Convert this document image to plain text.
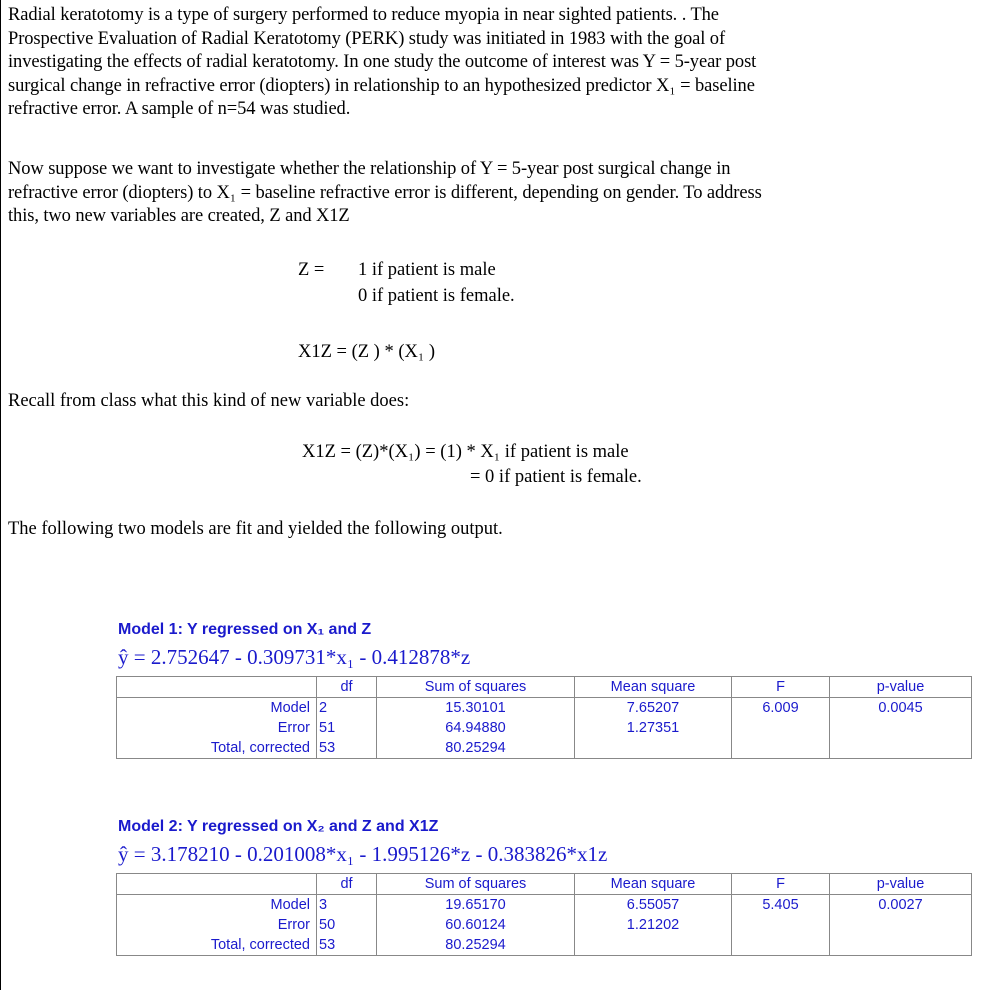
Radial keratotomy is a type of surgery performed to reduce myopia in near sighted patients. . The
Prospective Evaluation of Radial Keratotomy (PERK) study was initiated in 1983 with the goal of
investigating the effects of radial keratotomy. In one study the outcome of interest was Y = 5-year post
surgical change in refractive error (diopters) in relationship to an hypothesized predictor X₁ = baseline
refractive error. A sample of n=54 was studied.
Now suppose we want to investigate whether the relationship of Y = 5-year post surgical change in
refractive error (diopters) to X₁ = baseline refractive error is different, depending on gender. To address
this, two new variables are created, Z and X1Z
Z = 1 if patient is male
0 if patient is female.
X1Z = (Z ) * (X₁ )
Recall from class what this kind of new variable does:
X1Z = (Z)*(X₁) = (1) * X₁ if patient is male
= 0 if patient is female.
The following two models are fit and yielded the following output.
Model 1: Y regressed on X₁ and Z
ŷ = 2.752647 - 0.309731*x₁ - 0.412878*z
	df	Sum of squares	Mean square	F	p-value
Model	2	15.30101	7.65207	6.009	0.0045
Error	51	64.94880	1.27351		
Total, corrected	53	80.25294			
Model 2: Y regressed on X₂ and Z and X1Z
ŷ = 3.178210 - 0.201008*x₁ - 1.995126*z - 0.383826*x1z
	df	Sum of squares	Mean square	F	p-value
Model	3	19.65170	6.55057	5.405	0.0027
Error	50	60.60124	1.21202		
Total, corrected	53	80.25294			
